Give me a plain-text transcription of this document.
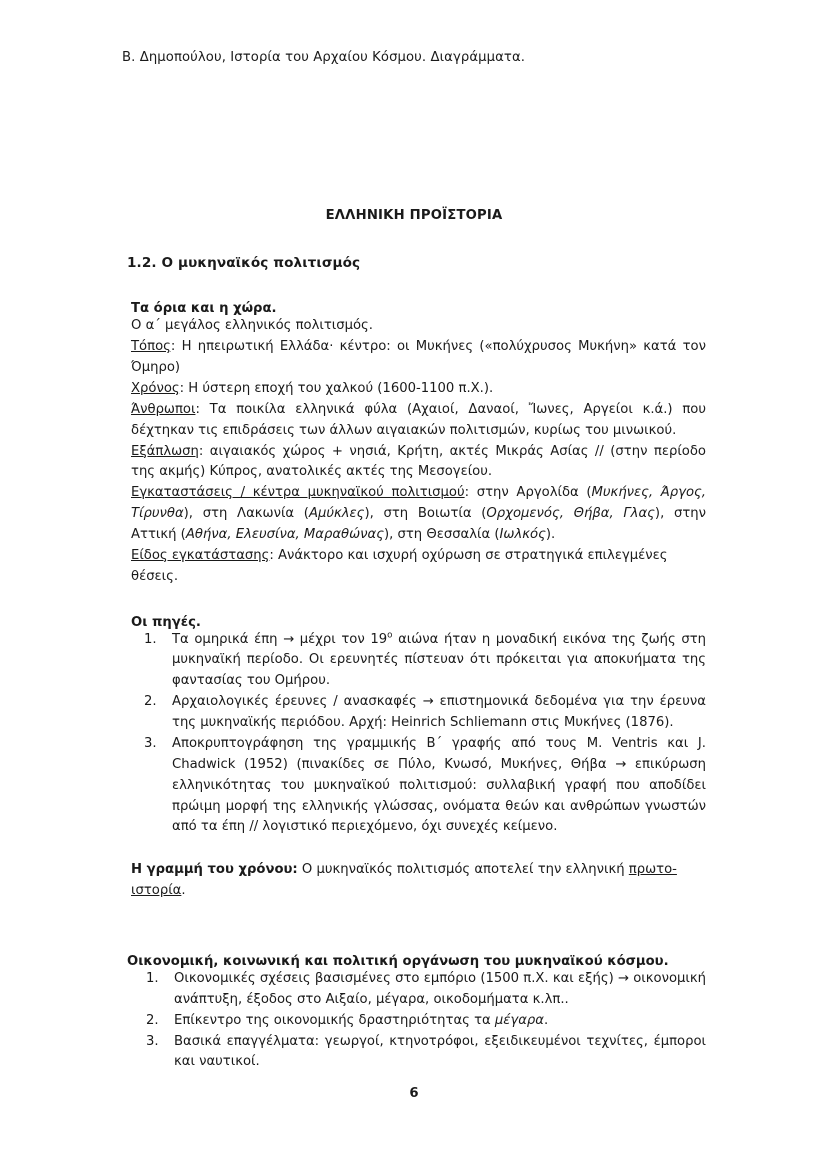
Β. Δημοπούλου, Ιστορία του Αρχαίου Κόσμου. Διαγράμματα.
ΕΛΛΗΝΙΚΗ ΠΡΟΪΣΤΟΡΙΑ
1.2. Ο μυκηναϊκός πολιτισμός
Τα όρια και η χώρα.

Ο α΄ μεγάλος ελληνικός πολιτισμός.

Τόπος: Η ηπειρωτική Ελλάδα· κέντρο: οι Μυκήνες («πολύχρυσος Μυκήνη» κατά τον Όμηρο)

Χρόνος: Η ύστερη εποχή του χαλκού (1600-1100 π.Χ.).

Άνθρωποι: Τα ποικίλα ελληνικά φύλα (Αχαιοί, Δαναοί, Ἴωνες, Αργείοι κ.ά.) που δέχτηκαν τις επιδράσεις των άλλων αιγαιακών πολιτισμών, κυρίως του μινωικού.

Εξάπλωση: αιγαιακός χώρος + νησιά, Κρήτη, ακτές Μικράς Ασίας // (στην περίοδο της ακμής) Κύπρος, ανατολικές ακτές της Μεσογείου.

Εγκαταστάσεις / κέντρα μυκηναϊκού πολιτισμού: στην Αργολίδα (Μυκήνες, Άργος, Τίρυνθα), στη Λακωνία (Αμύκλες), στη Βοιωτία (Ορχομενός, Θήβα, Γλας), στην Αττική (Αθήνα, Ελευσίνα, Μαραθώνας), στη Θεσσαλία (Ιωλκός).

Είδος εγκατάστασης: Ανάκτορο και ισχυρή οχύρωση σε στρατηγικά επιλεγμένες θέσεις.

Οι πηγές.
1.	Τα ομηρικά έπη → μέχρι τον $19^o$ αιώνα ήταν η μοναδική εικόνα της ζωής στη μυκηναϊκή περίοδο. Οι ερευνητές πίστευαν ότι πρόκειται για αποκυήματα της φαντασίας του Ομήρου.
2.	Αρχαιολογικές έρευνες / ανασκαφές → επιστημονικά δεδομένα για την έρευνα της μυκηναϊκής περιόδου. Αρχή: Heinrich Schliemann στις Μυκήνες (1876).
3.	Αποκρυπτογράφηση της γραμμικής Β΄ γραφής από τους M. Ventris και J. Chadwick (1952) (πινακίδες σε Πύλο, Κνωσό, Μυκήνες, Θήβα → επικύρωση ελληνικότητας του μυκηναϊκού πολιτισμού: συλλαβική γραφή που αποδίδει πρώιμη μορφή της ελληνικής γλώσσας, ονόματα θεών και ανθρώπων γνωστών από τα έπη // λογιστικό περιεχόμενο, όχι συνεχές κείμενο.

Η γραμμή του χρόνου: Ο μυκηναϊκός πολιτισμός αποτελεί την ελληνική πρωτο-ιστορία.

Οικονομική, κοινωνική και πολιτική οργάνωση του μυκηναϊκού κόσμου.
1.	Οικονομικές σχέσεις βασισμένες στο εμπόριο (1500 π.Χ. και εξής) → οικονομική ανάπτυξη, έξοδος στο Αιξαίο, μέγαρα, οικοδομήματα κ.λπ..
2.	Επίκεντρο της οικονομικής δραστηριότητας τα μέγαρα.
3.	Βασικά επαγγέλματα: γεωργοί, κτηνοτρόφοι, εξειδικευμένοι τεχνίτες, έμποροι και ναυτικοί.
6
